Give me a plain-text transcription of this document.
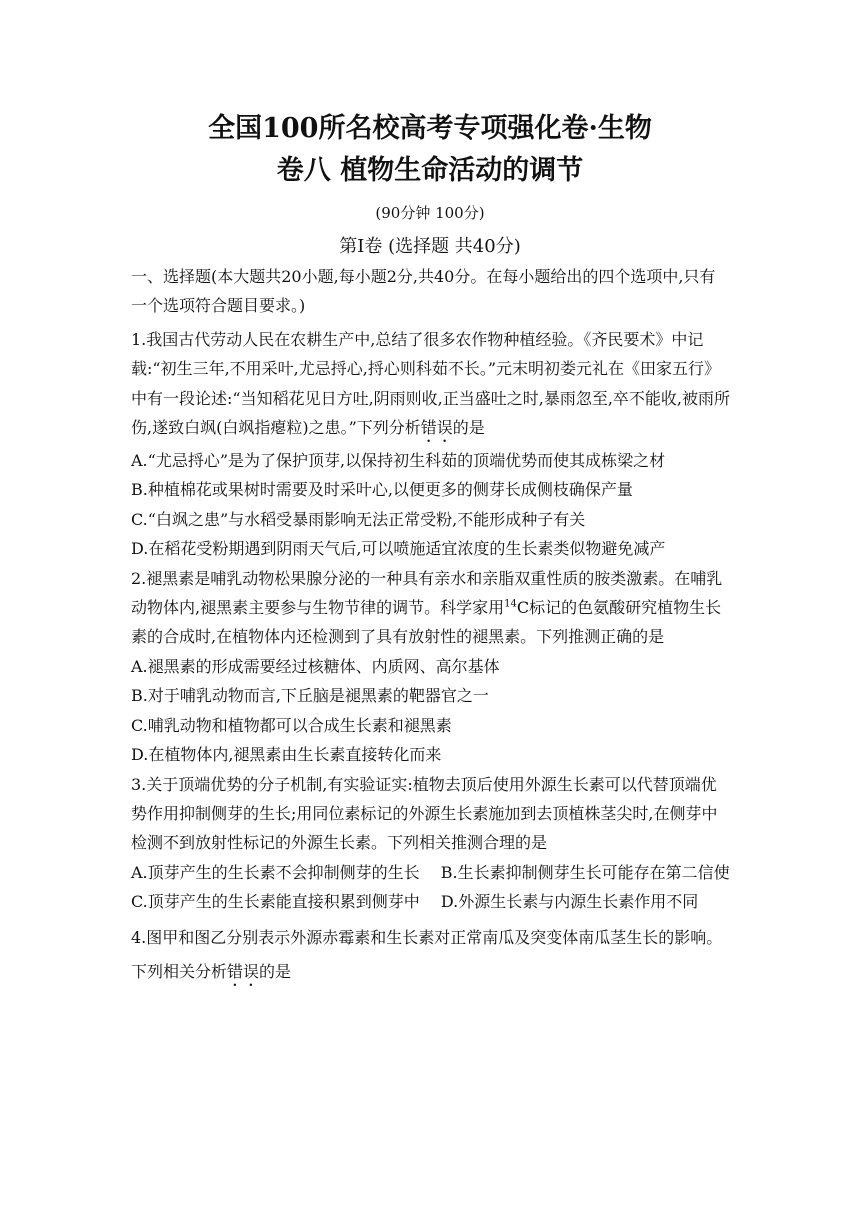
全国100所名校高考专项强化卷·生物
卷八 植物生命活动的调节
(90分钟 100分)
第Ⅰ卷 (选择题 共40分)

一、选择题(本大题共20小题,每小题2分,共40分。在每小题给出的四个选项中,只有一个选项符合题目要求。)

1.我国古代劳动人民在农耕生产中,总结了很多农作物种植经验。《齐民要术》中记载:“初生三年,不用采叶,尤忌捋心,捋心则科茹不长。”元末明初娄元礼在《田家五行》中有一段论述:“当知稻花见日方吐,阴雨则收,正当盛吐之时,暴雨忽至,卒不能收,被雨所伤,遂致白飒(白飒指瘪粒)之患。”下列分析错误的是

A.“尤忌捋心”是为了保护顶芽,以保持初生科茹的顶端优势而使其成栋梁之材

B.种植棉花或果树时需要及时采叶心,以便更多的侧芽长成侧枝确保产量

C.“白飒之患”与水稻受暴雨影响无法正常受粉,不能形成种子有关

D.在稻花受粉期遇到阴雨天气后,可以喷施适宜浓度的生长素类似物避免减产

2.褪黑素是哺乳动物松果腺分泌的一种具有亲水和亲脂双重性质的胺类激素。在哺乳动物体内,褪黑素主要参与生物节律的调节。科学家用$^{14}$C标记的色氨酸研究植物生长素的合成时,在植物体内还检测到了具有放射性的褪黑素。下列推测正确的是

A.褪黑素的形成需要经过核糖体、内质网、高尔基体

B.对于哺乳动物而言,下丘脑是褪黑素的靶器官之一

C.哺乳动物和植物都可以合成生长素和褪黑素

D.在植物体内,褪黑素由生长素直接转化而来

3.关于顶端优势的分子机制,有实验证实:植物去顶后使用外源生长素可以代替顶端优势作用抑制侧芽的生长;用同位素标记的外源生长素施加到去顶植株茎尖时,在侧芽中检测不到放射性标记的外源生长素。下列相关推测合理的是

A.顶芽产生的生长素不会抑制侧芽的生长　 B.生长素抑制侧芽生长可能存在第二信使

C.顶芽产生的生长素能直接积累到侧芽中　 D.外源生长素与内源生长素作用不同

4.图甲和图乙分别表示外源赤霉素和生长素对正常南瓜及突变体南瓜茎生长的影响。下列相关分析错误的是
